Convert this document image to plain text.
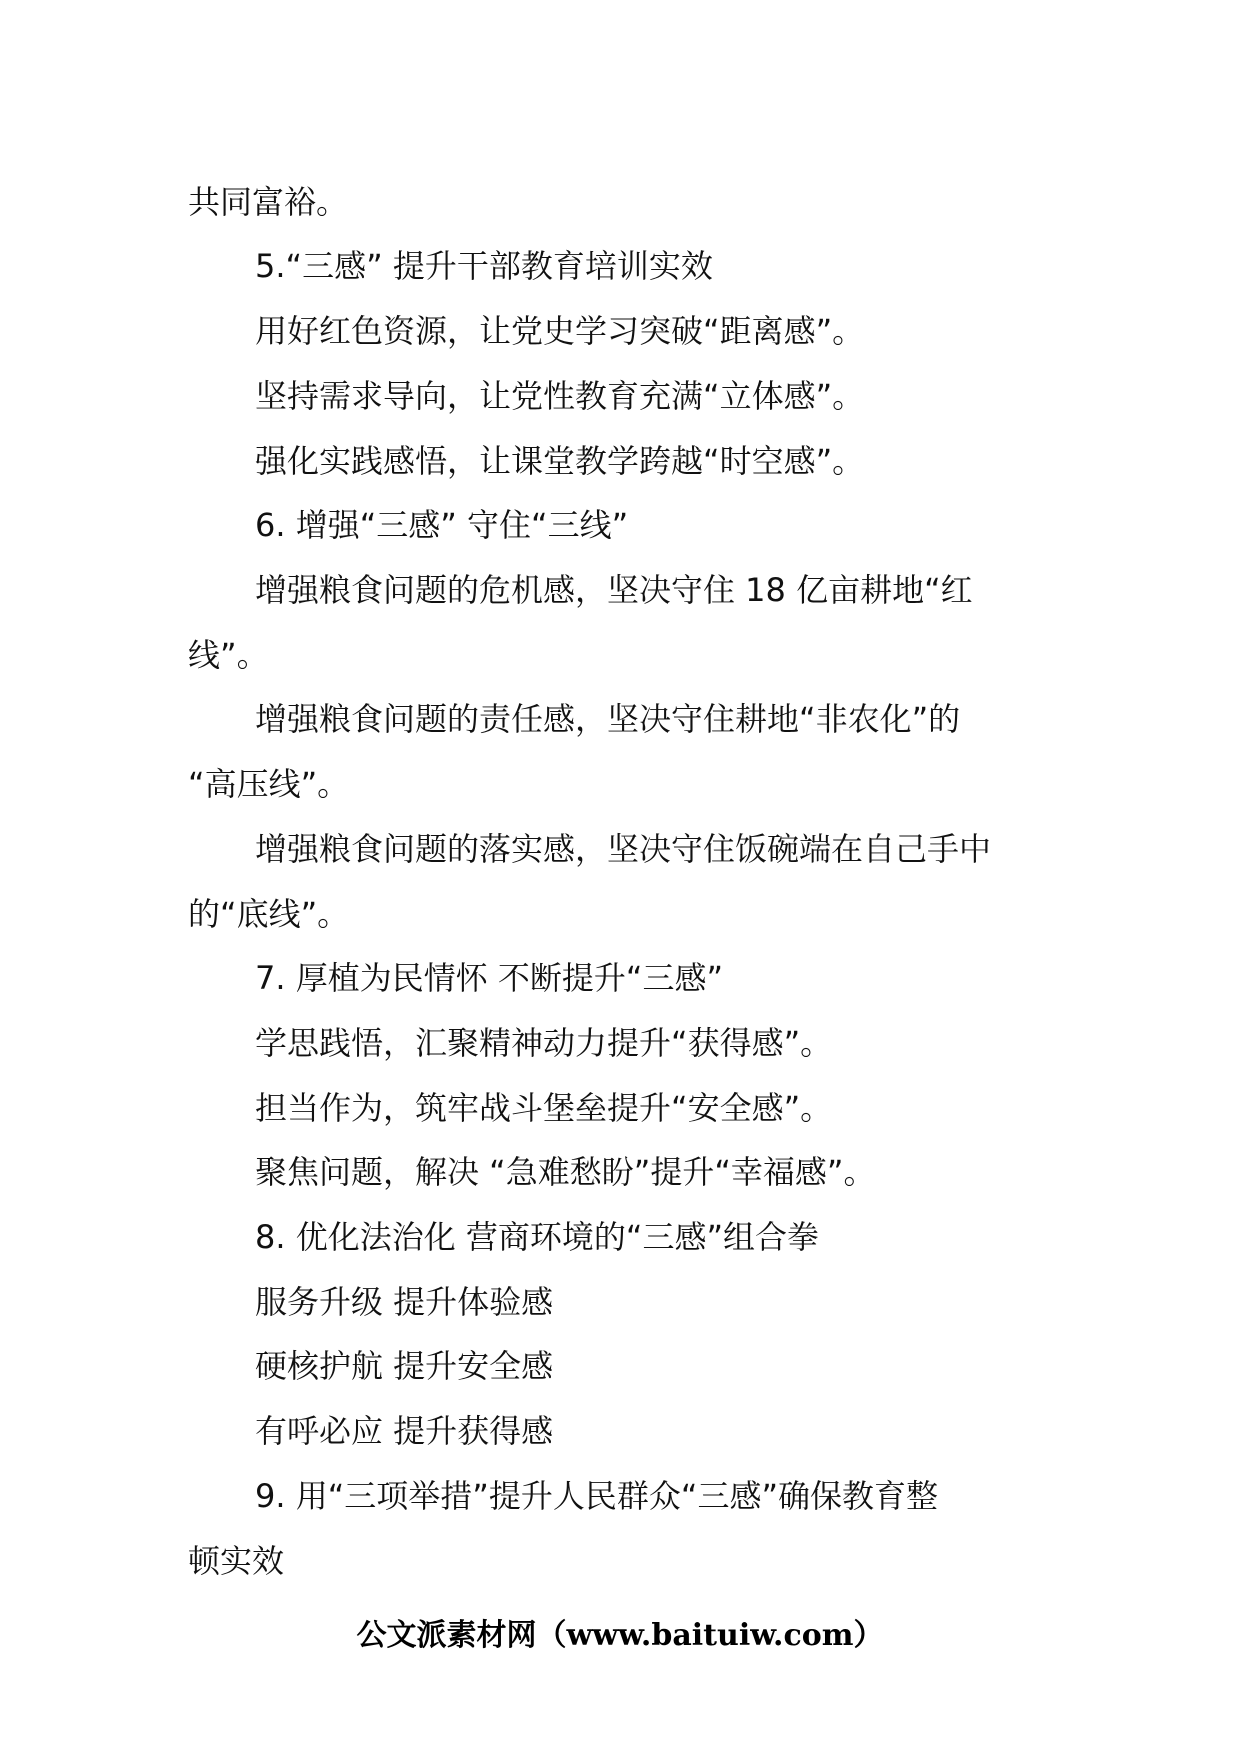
共同富裕。
5.“三感” 提升干部教育培训实效
用好红色资源，让党史学习突破“距离感”。
坚持需求导向，让党性教育充满“立体感”。
强化实践感悟，让课堂教学跨越“时空感”。
6. 增强“三感” 守住“三线”
增强粮食问题的危机感，坚决守住 18 亿亩耕地“红
线”。
增强粮食问题的责任感，坚决守住耕地“非农化”的
“高压线”。
增强粮食问题的落实感，坚决守住饭碗端在自己手中
的“底线”。
7. 厚植为民情怀 不断提升“三感”
学思践悟，汇聚精神动力提升“获得感”。
担当作为，筑牢战斗堡垒提升“安全感”。
聚焦问题，解决 “急难愁盼”提升“幸福感”。
8. 优化法治化 营商环境的“三感”组合拳
服务升级 提升体验感
硬核护航 提升安全感
有呼必应 提升获得感
9. 用“三项举措”提升人民群众“三感”确保教育整
顿实效
公文派素材网（www.baituiw.com）
